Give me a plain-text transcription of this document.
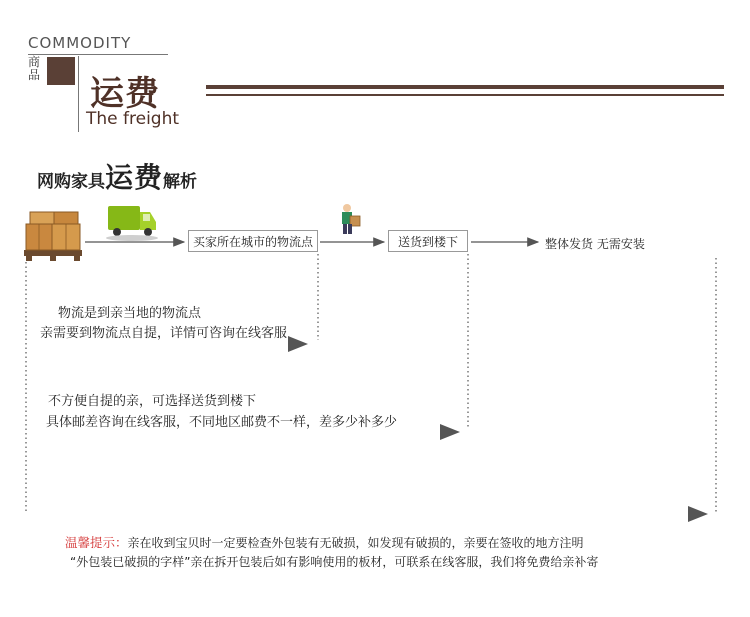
COMMODITY
商品 运费
The freight
网购家具运费解析
买家所在城市的物流点	送货到楼下	整体发货 无需安装
物流是到亲当地的物流点
亲需要到物流点自提，详情可咨询在线客服
不方便自提的亲，可选择送货到楼下
具体邮差咨询在线客服，不同地区邮费不一样，差多少补多少
温馨提示：亲在收到宝贝时一定要检查外包装有无破损，如发现有破损的，亲要在签收的地方注明
“外包装已破损的字样”亲在拆开包装后如有影响使用的板材，可联系在线客服，我们将免费给亲补寄
